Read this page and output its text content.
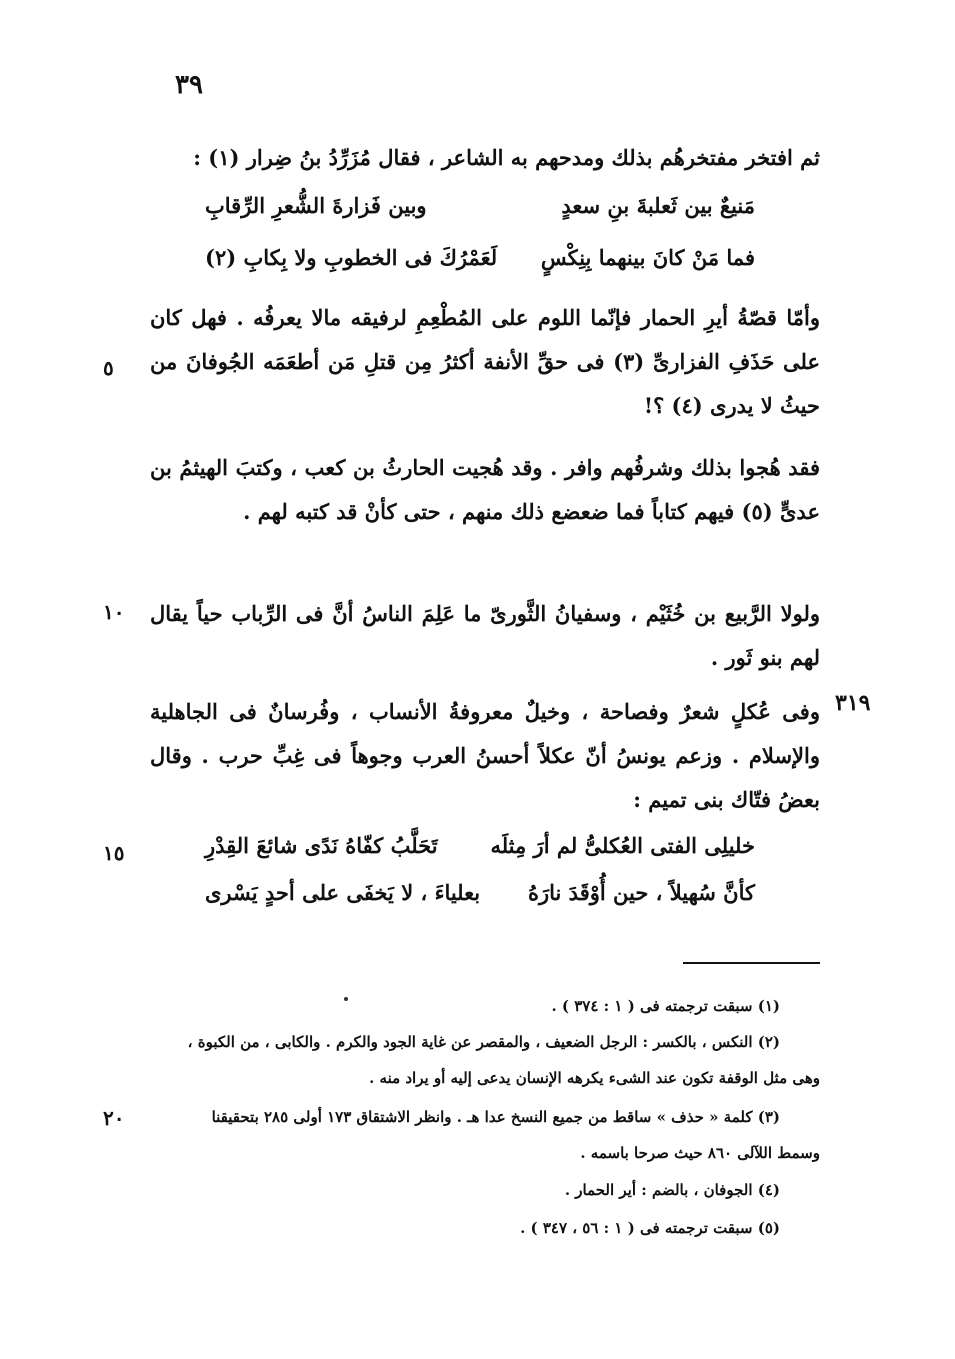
٣٩
ثم افتخر مفتخرهُم بذلك ومدحهم به الشاعر ، فقال مُزَرِّدُ بنُ ضِرار (١) :
مَنيعٌ بين ثَعلبةَ بنِ سعدٍ
وبين فَزارةَ الشُّعرِ الرِّقابِ
فما مَنْ كانَ بينهما بِنِكْسٍ
لَعَمْرُكَ فى الخطوبِ ولا بِكابِ (٢)
وأمّا قصّةُ أيرِ الحمار فإنّما اللوم على المُطْعِمِ لرفيقه مالا يعرفُه . فهل كان على حَذَفِ الفزارىِّ (٣) فى حقِّ الأنفة أكثرُ مِن قتلِ مَن أطعَمَه الجُوفانَ من حيثُ لا يدرى (٤) ؟!
فقد هُجوا بذلك وشرفُهم وافر . وقد هُجيت الحارثُ بن كعب ، وكتبَ الهيثمُ بن عدىٍّ (٥) فيهم كتاباً فما ضعضع ذلك منهم ، حتى كأنْ قد كتبه لهم .
ولولا الرَّبيع بن خُثَيْم ، وسفيانُ الثَّورىّ ما عَلِمَ الناسُ أنَّ فى الرِّباب حياً يقال لهم بنو ثَور .
وفى عُكلٍ شعرٌ وفصاحة ، وخيلٌ معروفةُ الأنساب ، وفُرسانٌ فى الجاهلية والإسلام . وزعم يونسُ أنّ عكلاً أحسنُ العرب وجوهاً فى غِبِّ حرب . وقال بعضُ فتّاك بنى تميم :
خليلِى الفتى العُكلىُّ لم أرَ مِثلَه
تَحَلَّبُ كفّاهُ نَدًى شائعَ القِدْرِ
كأنَّ سُهيلاً ، حين أُوْقَدَ نارَهُ
بعلياءَ ، لا يَخفَى على أحدٍ يَسْرى
٥
١٠
١٥
٢٠
٣١٩
(١) سبقت ترجمته فى ( ١ : ٣٧٤ ) .
(٢) النكس ، بالكسر : الرجل الضعيف ، والمقصر عن غاية الجود والكرم . والكابى ، من الكبوة ،
وهى مثل الوقفة تكون عند الشىء يكرهه الإنسان يدعى إليه أو يراد منه .
(٣) كلمة « حذف » ساقط من جميع النسخ عدا هـ . وانظر الاشتقاق ١٧٣ أولى ٢٨٥ بتحقيقنا
وسمط اللآلى ٨٦٠ حيث صرحا باسمه .
(٤) الجوفان ، بالضم : أير الحمار .
(٥) سبقت ترجمته فى ( ١ : ٥٦ ، ٣٤٧ ) .
